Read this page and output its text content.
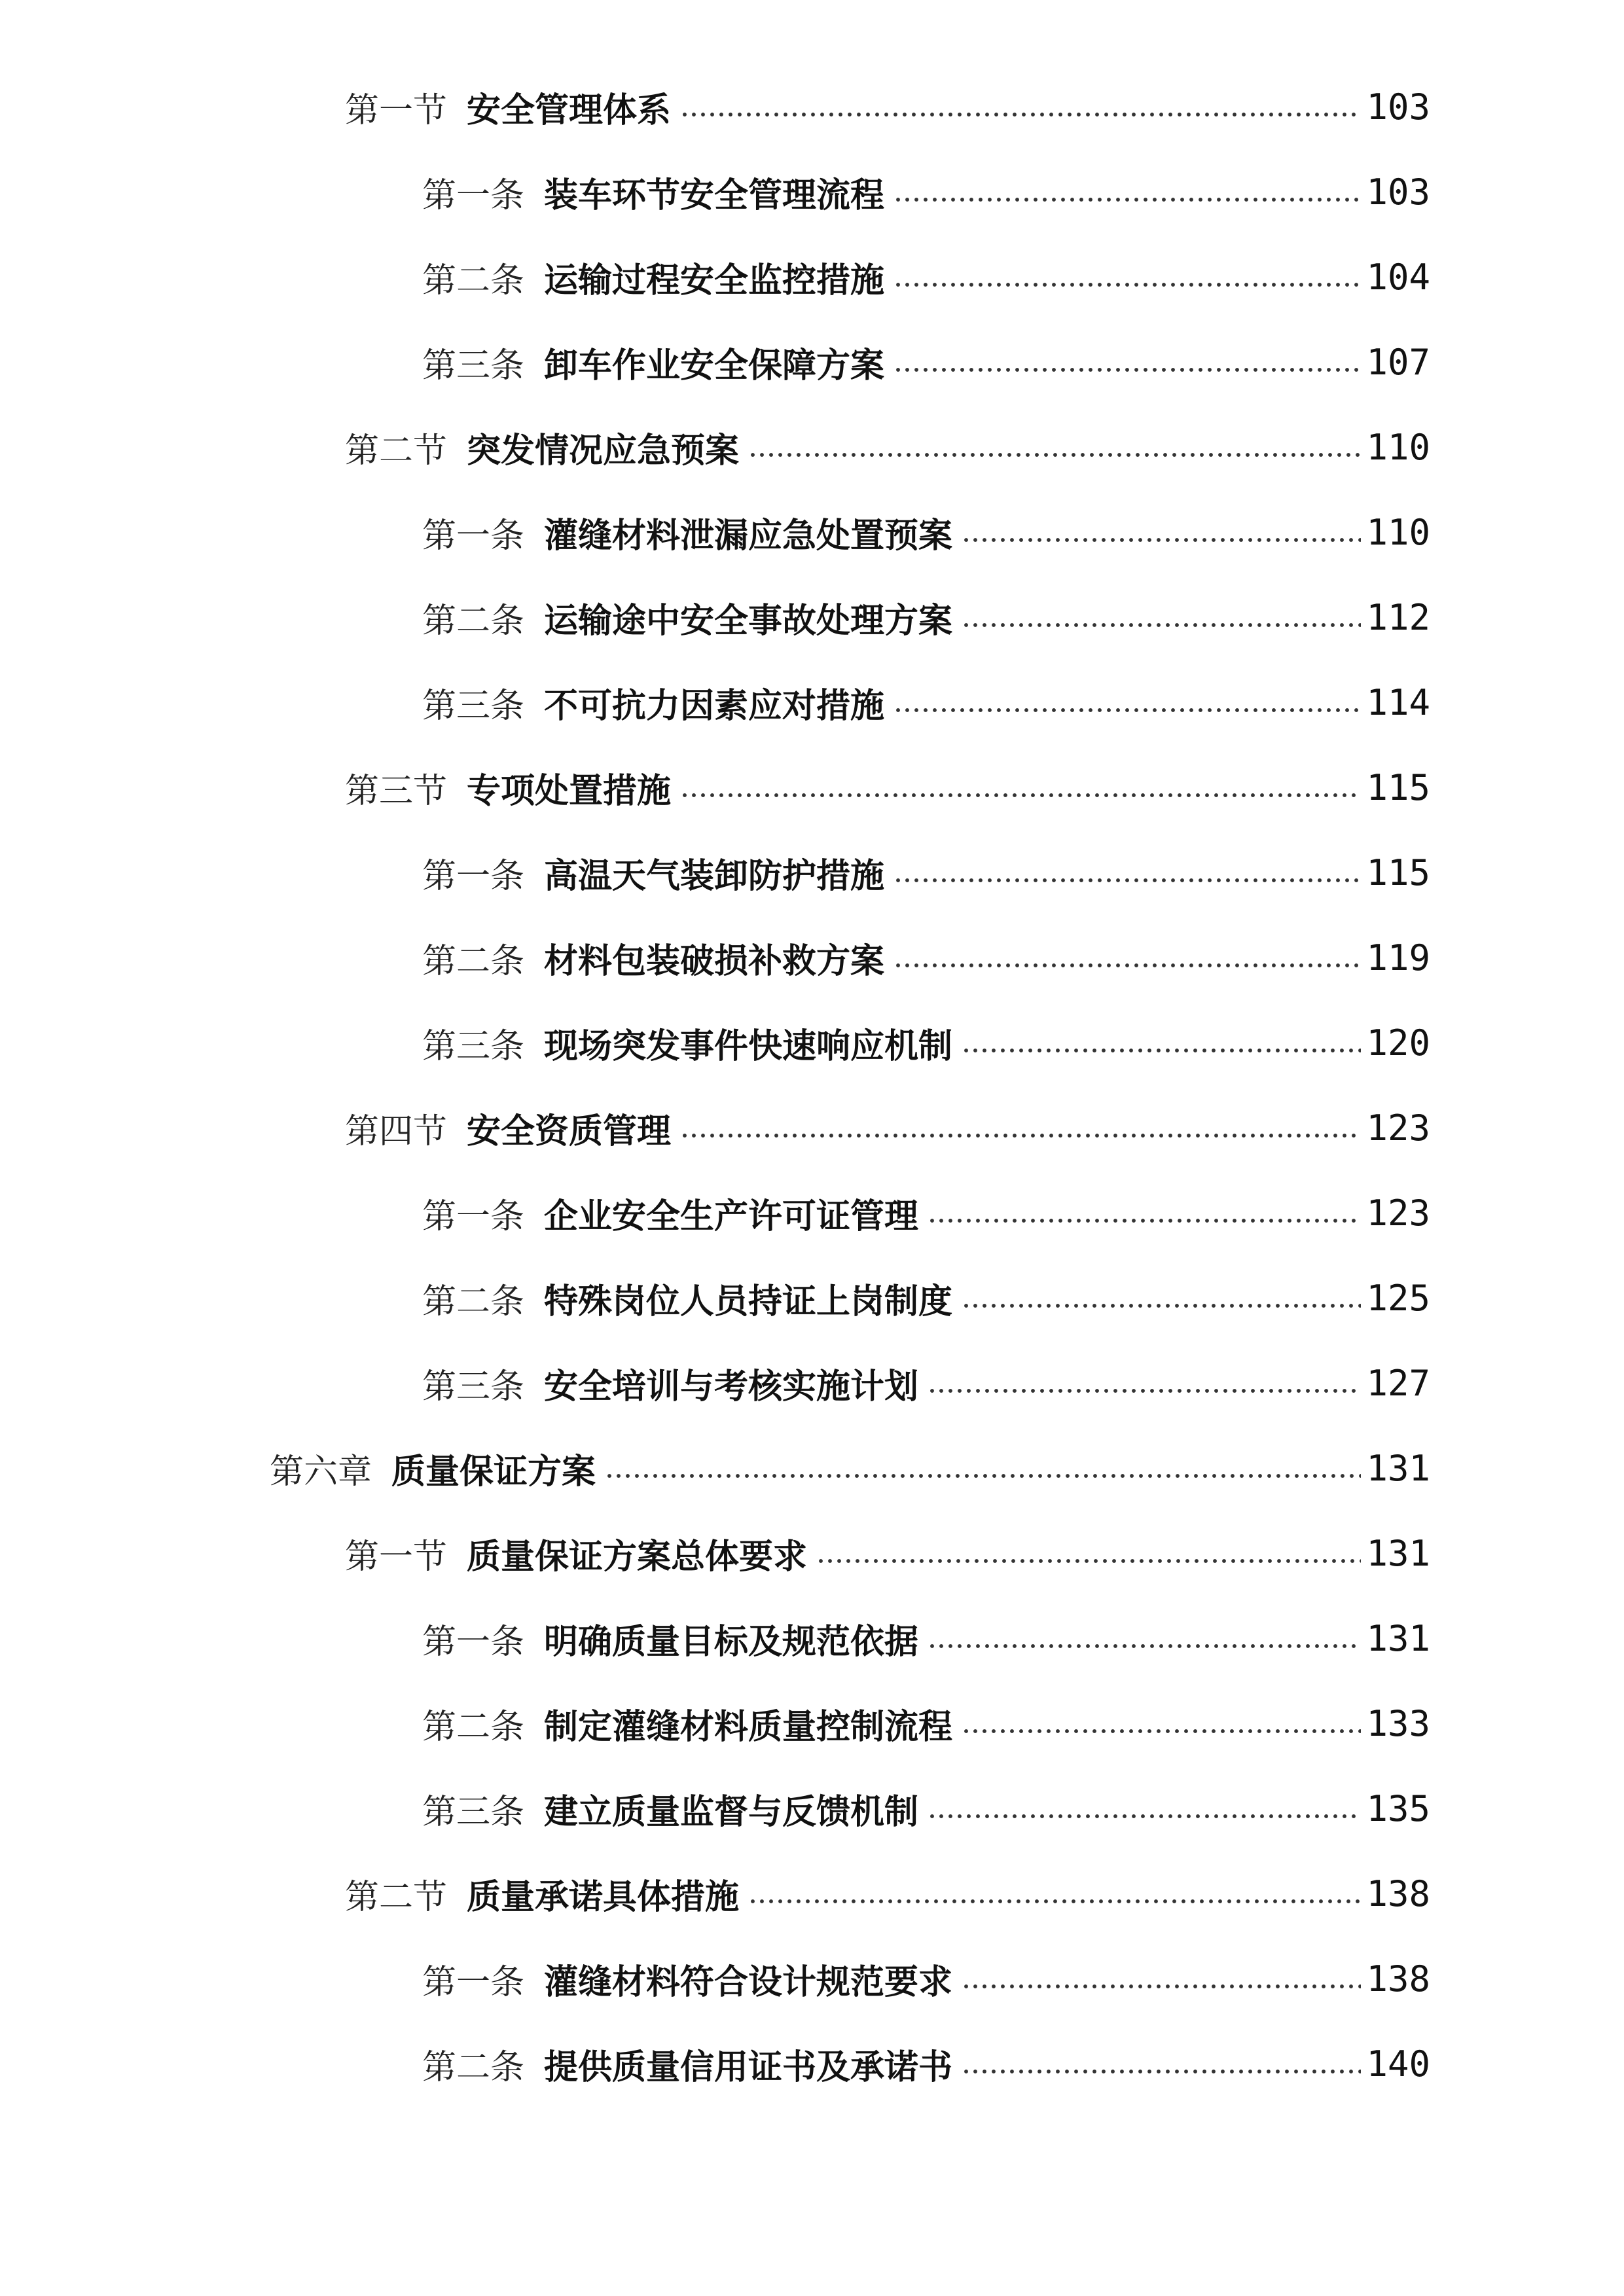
第一节 安全管理体系	103
第一条 装车环节安全管理流程	103
第二条 运输过程安全监控措施	104
第三条 卸车作业安全保障方案	107
第二节 突发情况应急预案	110
第一条 灌缝材料泄漏应急处置预案	110
第二条 运输途中安全事故处理方案	112
第三条 不可抗力因素应对措施	114
第三节 专项处置措施	115
第一条 高温天气装卸防护措施	115
第二条 材料包装破损补救方案	119
第三条 现场突发事件快速响应机制	120
第四节 安全资质管理	123
第一条 企业安全生产许可证管理	123
第二条 特殊岗位人员持证上岗制度	125
第三条 安全培训与考核实施计划	127
第六章 质量保证方案	131
第一节 质量保证方案总体要求	131
第一条 明确质量目标及规范依据	131
第二条 制定灌缝材料质量控制流程	133
第三条 建立质量监督与反馈机制	135
第二节 质量承诺具体措施	138
第一条 灌缝材料符合设计规范要求	138
第二条 提供质量信用证书及承诺书	140
